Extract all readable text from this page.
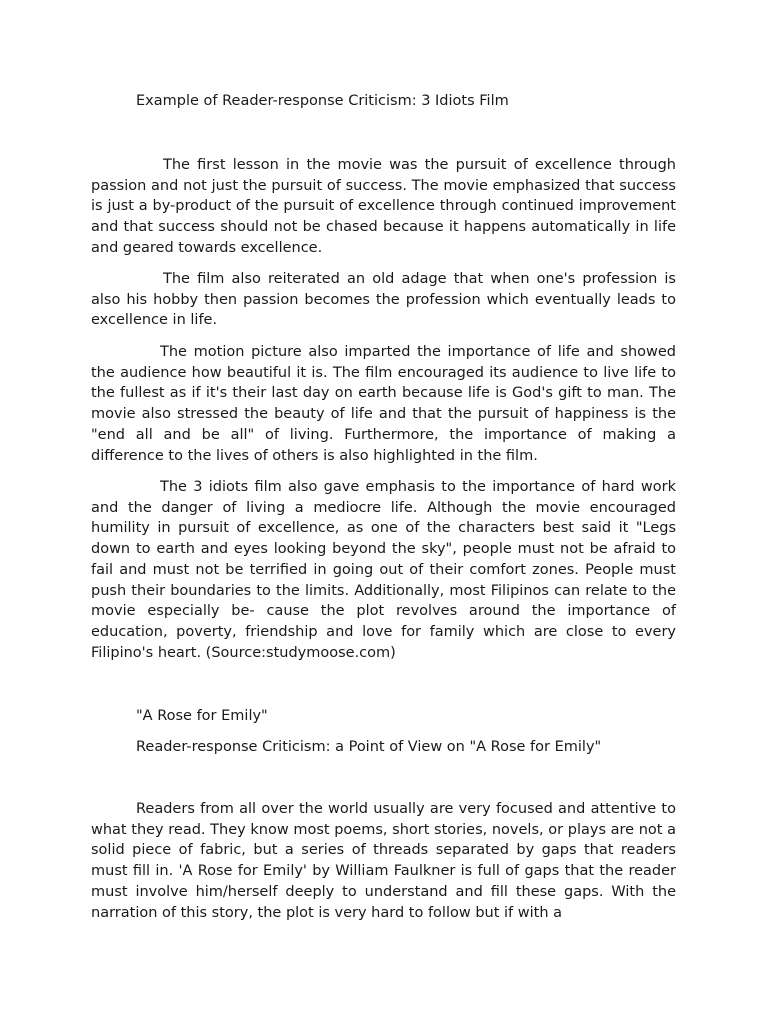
Example of Reader-response Criticism: 3 Idiots Film

The first lesson in the movie was the pursuit of excellence through passion and not just the pursuit of success. The movie emphasized that success is just a by-product of the pursuit of excellence through continued improvement and that success should not be chased because it happens automatically in life and geared towards excellence.

The film also reiterated an old adage that when one's profession is also his hobby then passion becomes the profession which eventually leads to excellence in life.

The motion picture also imparted the importance of life and showed the audience how beautiful it is. The film encouraged its audience to live life to the fullest as if it's their last day on earth because life is God's gift to man. The movie also stressed the beauty of life and that the pursuit of happiness is the "end all and be all" of living. Furthermore, the importance of making a difference to the lives of others is also highlighted in the film.

The 3 idiots film also gave emphasis to the importance of hard work and the danger of living a mediocre life. Although the movie encouraged humility in pursuit of excellence, as one of the characters best said it "Legs down to earth and eyes looking beyond the sky", people must not be afraid to fail and must not be terrified in going out of their comfort zones. People must push their boundaries to the limits. Additionally, most Filipinos can relate to the movie especially be- cause the plot revolves around the importance of education, poverty, friendship and love for family which are close to every Filipino's heart. (Source:studymoose.com)

"A Rose for Emily"
Reader-response Criticism: a Point of View on "A Rose for Emily"

Readers from all over the world usually are very focused and attentive to what they read. They know most poems, short stories, novels, or plays are not a solid piece of fabric, but a series of threads separated by gaps that readers must fill in. 'A Rose for Emily' by William Faulkner is full of gaps that the reader must involve him/herself deeply to understand and fill these gaps. With the narration of this story, the plot is very hard to follow but if with a
